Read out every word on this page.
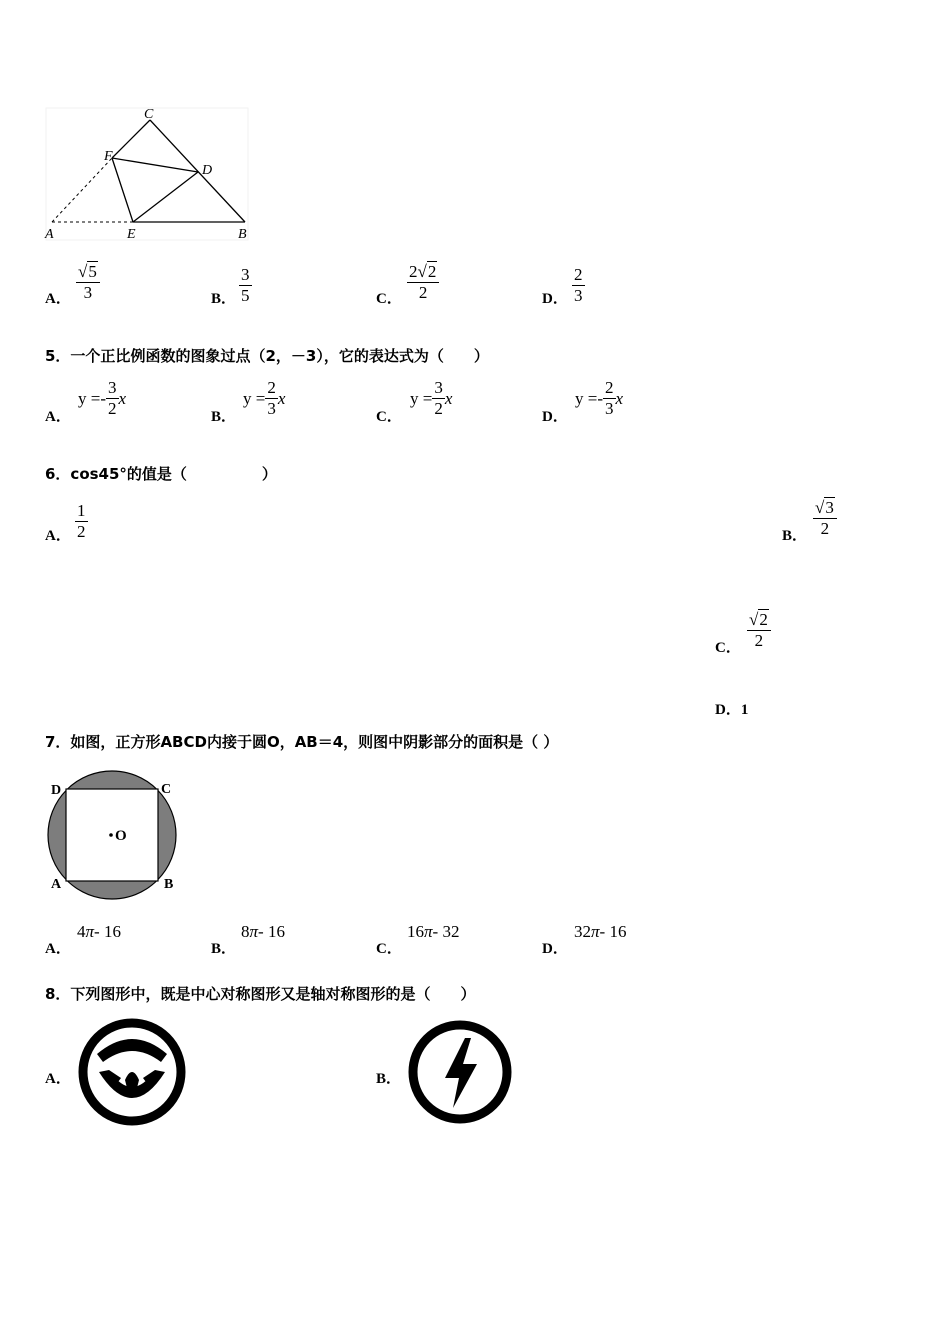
C
F
D
A	E	B
A． $\frac{√5}{3}$	B． $\frac{3}{5}$	C． $\frac{2√2}{2}$	D． $\frac{2}{3}$
5．一个正比例函数的图象过点（2，－3），它的表达式为（　　）
A．
$y =- \frac{3}{2}$ x
B．
$y = \frac{2}{3}$ x
C．
$y = \frac{3}{2}$ x
D．
$y =- \frac{2}{3}$ x
6．cos45°的值是（　　　　　）
A． $\frac{1}{2}$	B． $\frac{√3}{2}$
C． $\frac{√2}{2}$
D．1
7．如图，正方形ABCD内接于圆O，AB＝4，则图中阴影部分的面积是（ ）
D	C
O
A	B
A．
4 π - 16
B．
8 π - 16
C．
16 π - 32
D．
32 π - 16
8．下列图形中，既是中心对称图形又是轴对称图形的是（　　）
A．	B．
